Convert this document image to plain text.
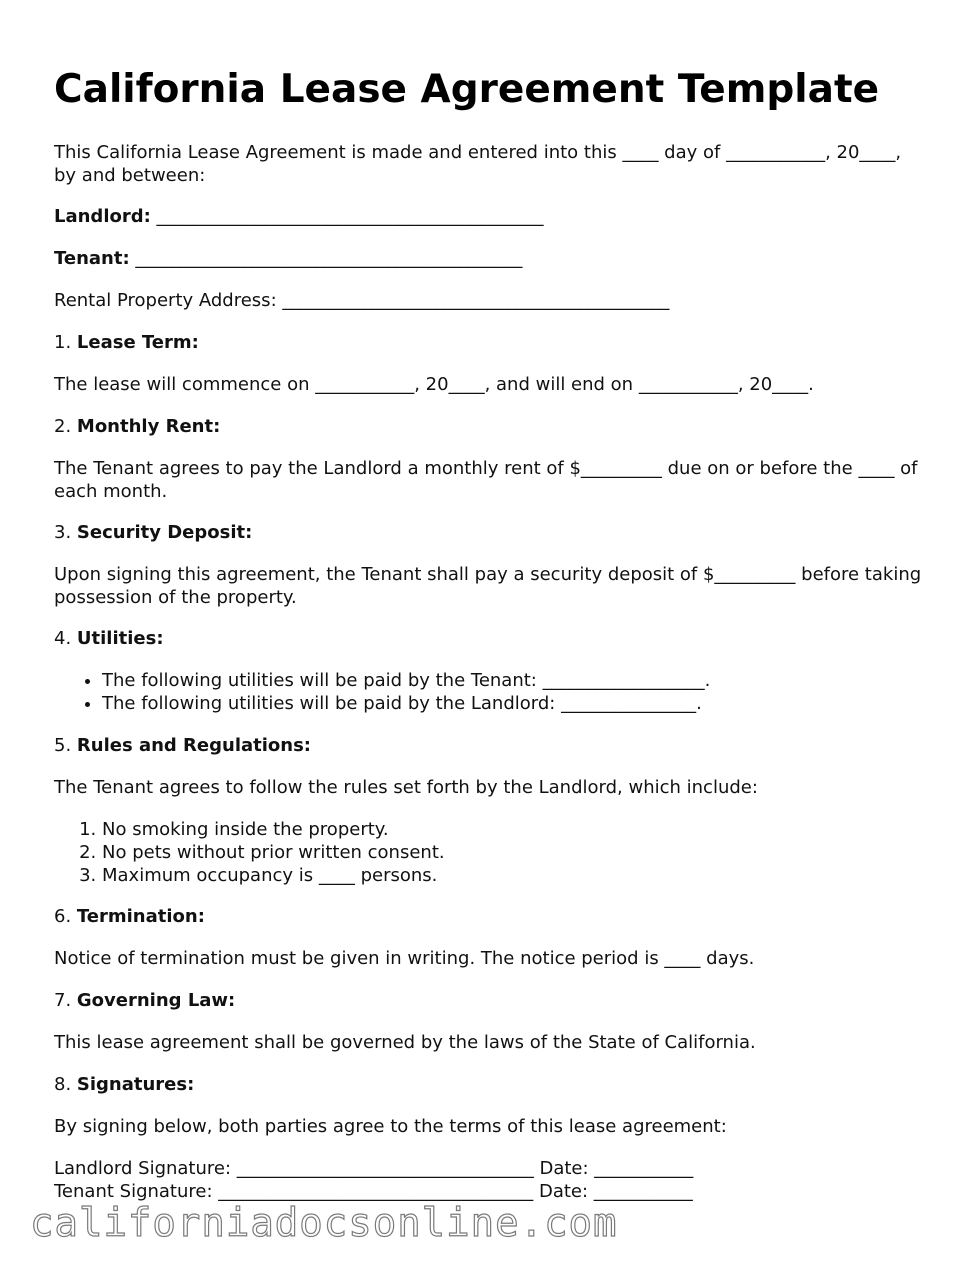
California Lease Agreement Template

This California Lease Agreement is made and entered into this ____ day of ___________, 20____, by and between:

Landlord: ___________________________________________

Tenant: ___________________________________________

Rental Property Address: ___________________________________________

1. Lease Term:

The lease will commence on ___________, 20____, and will end on ___________, 20____.

2. Monthly Rent:

The Tenant agrees to pay the Landlord a monthly rent of $_________ due on or before the ____ of each month.

3. Security Deposit:

Upon signing this agreement, the Tenant shall pay a security deposit of $_________ before taking possession of the property.

4. Utilities:

• The following utilities will be paid by the Tenant: __________________.
• The following utilities will be paid by the Landlord: _______________.

5. Rules and Regulations:

The Tenant agrees to follow the rules set forth by the Landlord, which include:

1. No smoking inside the property.
2. No pets without prior written consent.
3. Maximum occupancy is ____ persons.

6. Termination:

Notice of termination must be given in writing. The notice period is ____ days.

7. Governing Law:

This lease agreement shall be governed by the laws of the State of California.

8. Signatures:

By signing below, both parties agree to the terms of this lease agreement:

Landlord Signature: _________________________________ Date: ___________

Tenant Signature: ___________________________________ Date: ___________

californiadocsonline.com
